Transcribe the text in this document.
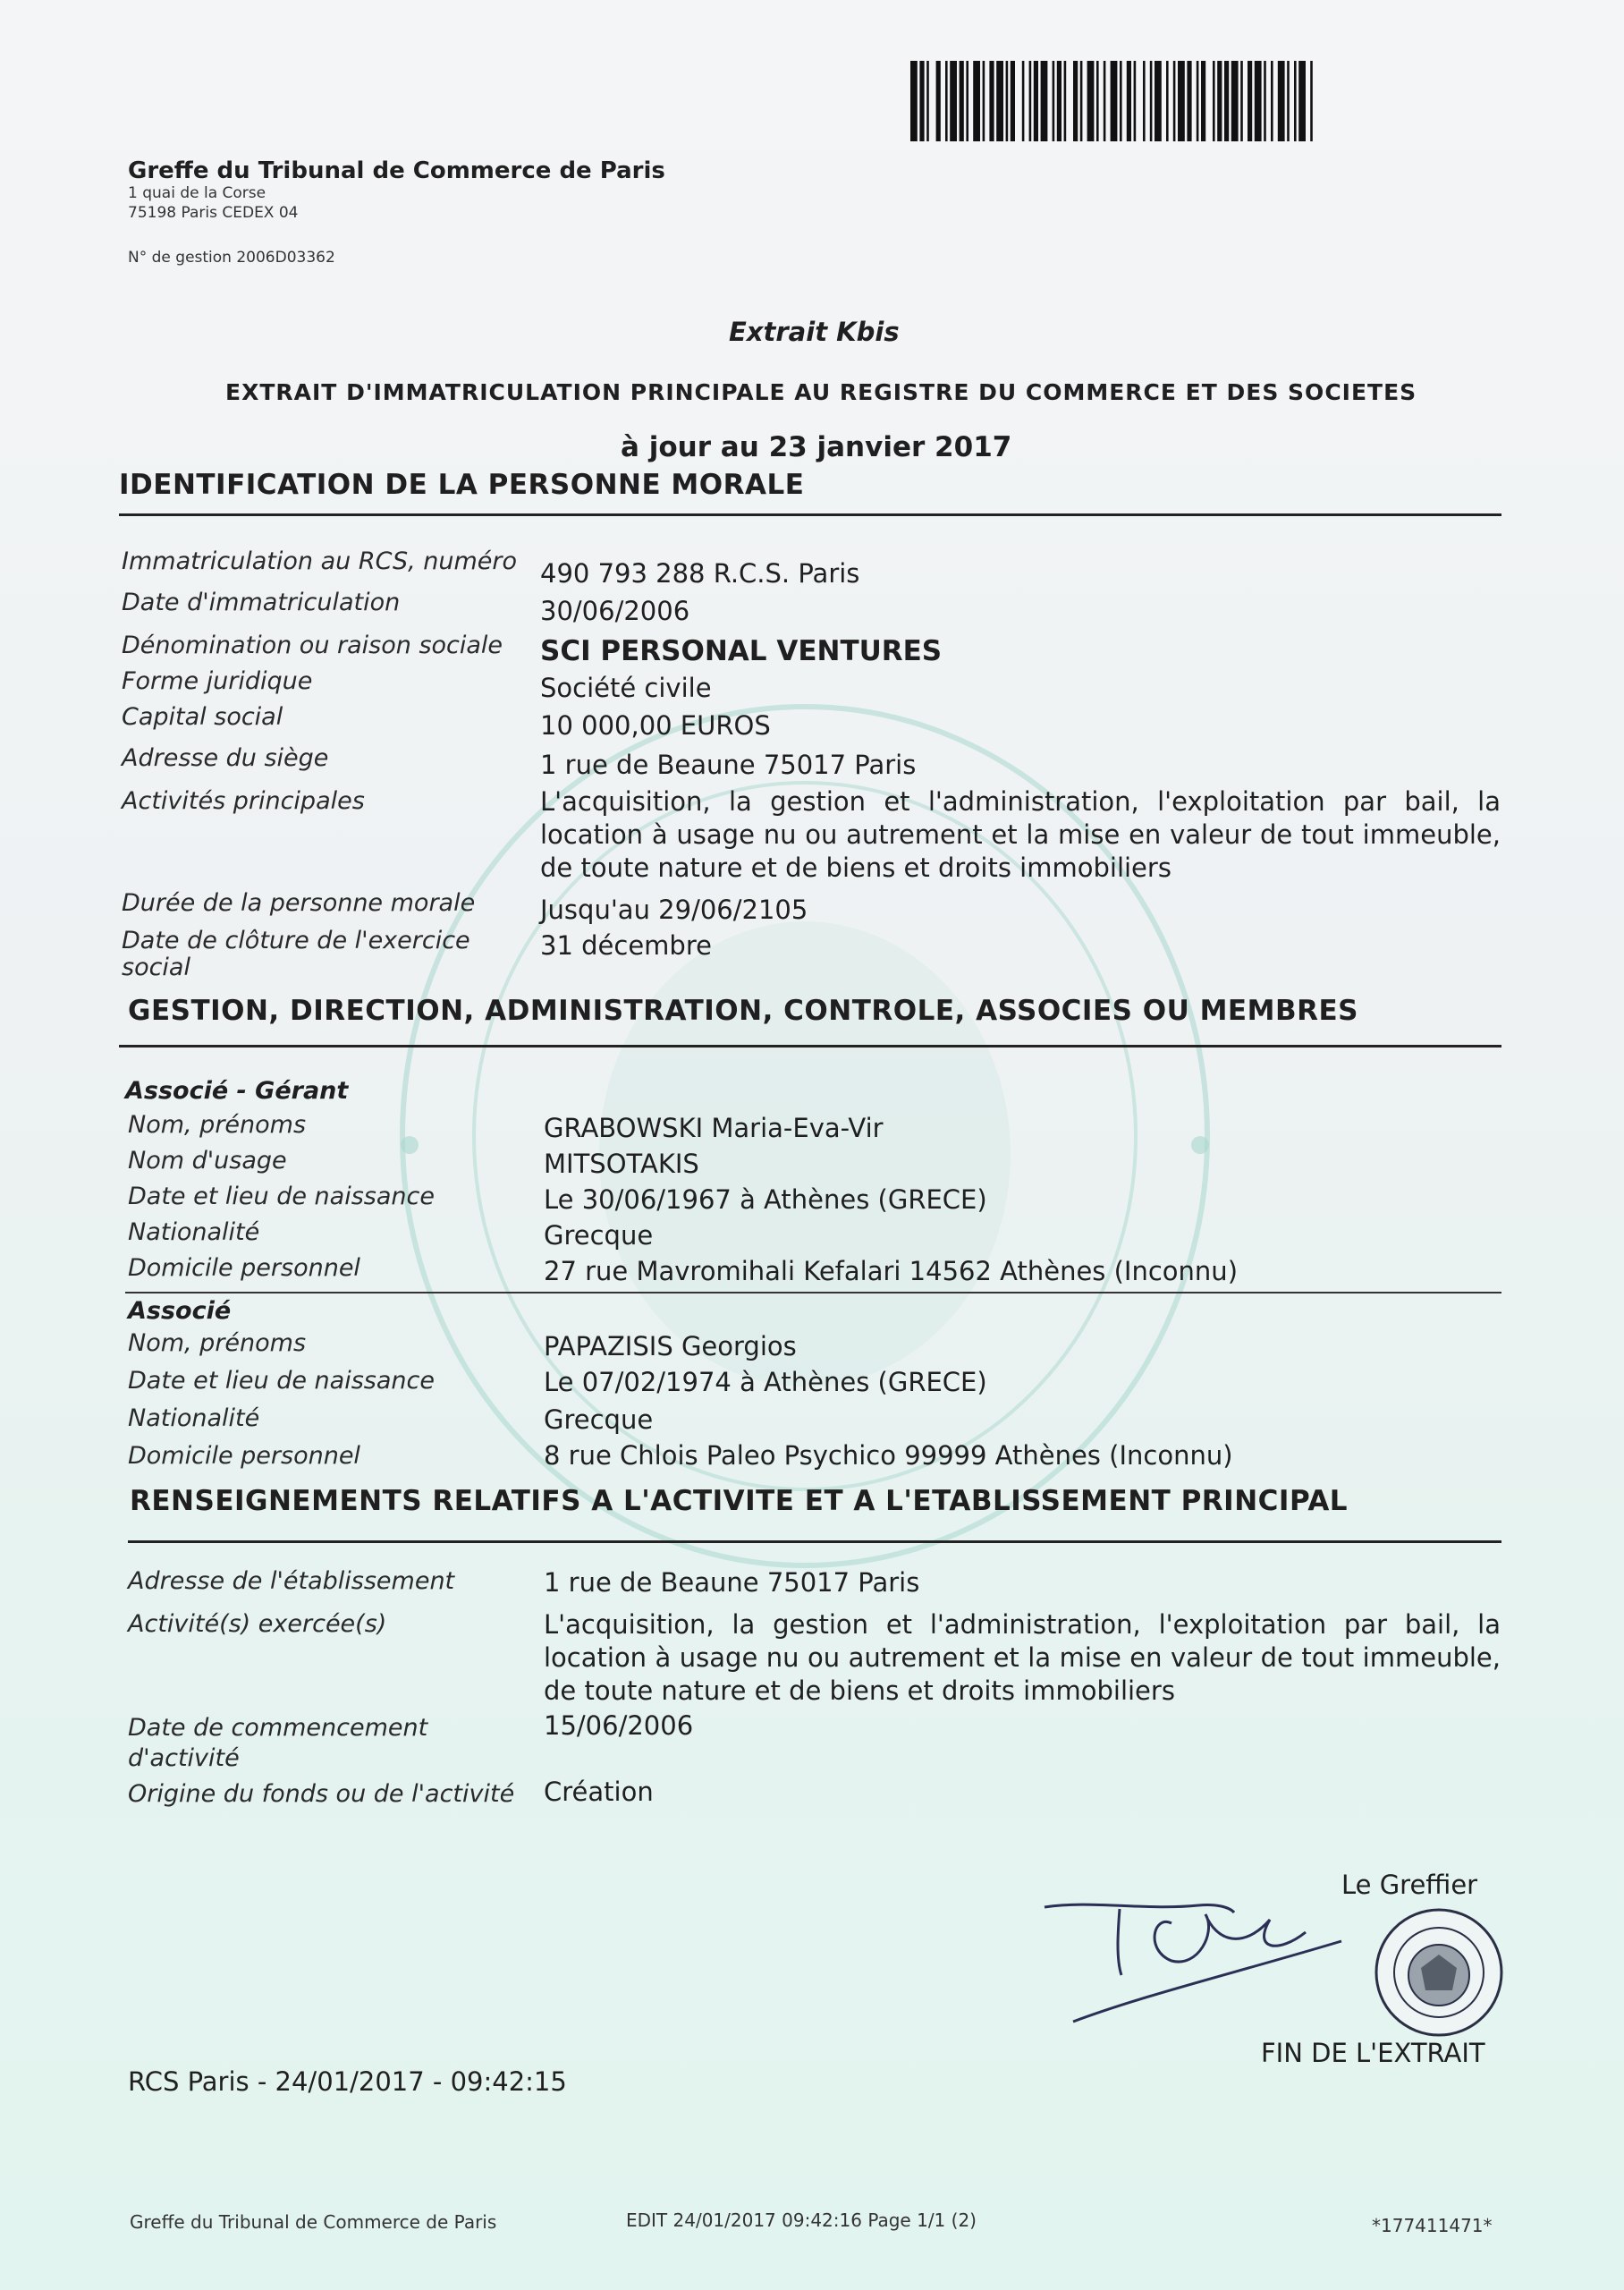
Greffe du Tribunal de Commerce de Paris
1 quai de la Corse
75198 Paris CEDEX 04
N° de gestion 2006D03362
Extrait Kbis
EXTRAIT D'IMMATRICULATION PRINCIPALE AU REGISTRE DU COMMERCE ET DES SOCIETES
à jour au 23 janvier 2017
IDENTIFICATION DE LA PERSONNE MORALE
Immatriculation au RCS, numéro 490 793 288 R.C.S. Paris
Date d'immatriculation	30/06/2006
Dénomination ou raison sociale SCI PERSONAL VENTURES
Forme juridique	Société civile
Capital social	10 000,00 EUROS
Adresse du siège	1 rue de Beaune 75017 Paris
Activités principales	L'acquisition, la gestion et l'administration, l'exploitation par bail, la location à usage nu ou autrement et la mise en valeur de tout immeuble, de toute nature et de biens et droits immobiliers
Durée de la personne morale	Jusqu'au 29/06/2105
Date de clôture de l'exercice
social
31 décembre
GESTION, DIRECTION, ADMINISTRATION, CONTROLE, ASSOCIES OU MEMBRES
Associé - Gérant
Nom, prénoms	GRABOWSKI Maria-Eva-Vir
Nom d'usage	MITSOTAKIS
Date et lieu de naissance	Le 30/06/1967 à Athènes (GRECE)
Nationalité	Grecque
Domicile personnel	27 rue Mavromihali Kefalari 14562 Athènes (Inconnu)
Associé
Nom, prénoms	PAPAZISIS Georgios
Date et lieu de naissance	Le 07/02/1974 à Athènes (GRECE)
Nationalité	Grecque
Domicile personnel	8 rue Chlois Paleo Psychico 99999 Athènes (Inconnu)
RENSEIGNEMENTS RELATIFS A L'ACTIVITE ET A L'ETABLISSEMENT PRINCIPAL
Adresse de l'établissement	1 rue de Beaune 75017 Paris
Activité(s) exercée(s)	L'acquisition, la gestion et l'administration, l'exploitation par bail, la location à usage nu ou autrement et la mise en valeur de tout immeuble, de toute nature et de biens et droits immobiliers
Date de commencement
d'activité
15/06/2006
Origine du fonds ou de l'activité Création
Le Greffier
FIN DE L'EXTRAIT
RCS Paris - 24/01/2017 - 09:42:15
Greffe du Tribunal de Commerce de Paris	EDIT 24/01/2017 09:42:16 Page 1/1 (2)	*177411471*
